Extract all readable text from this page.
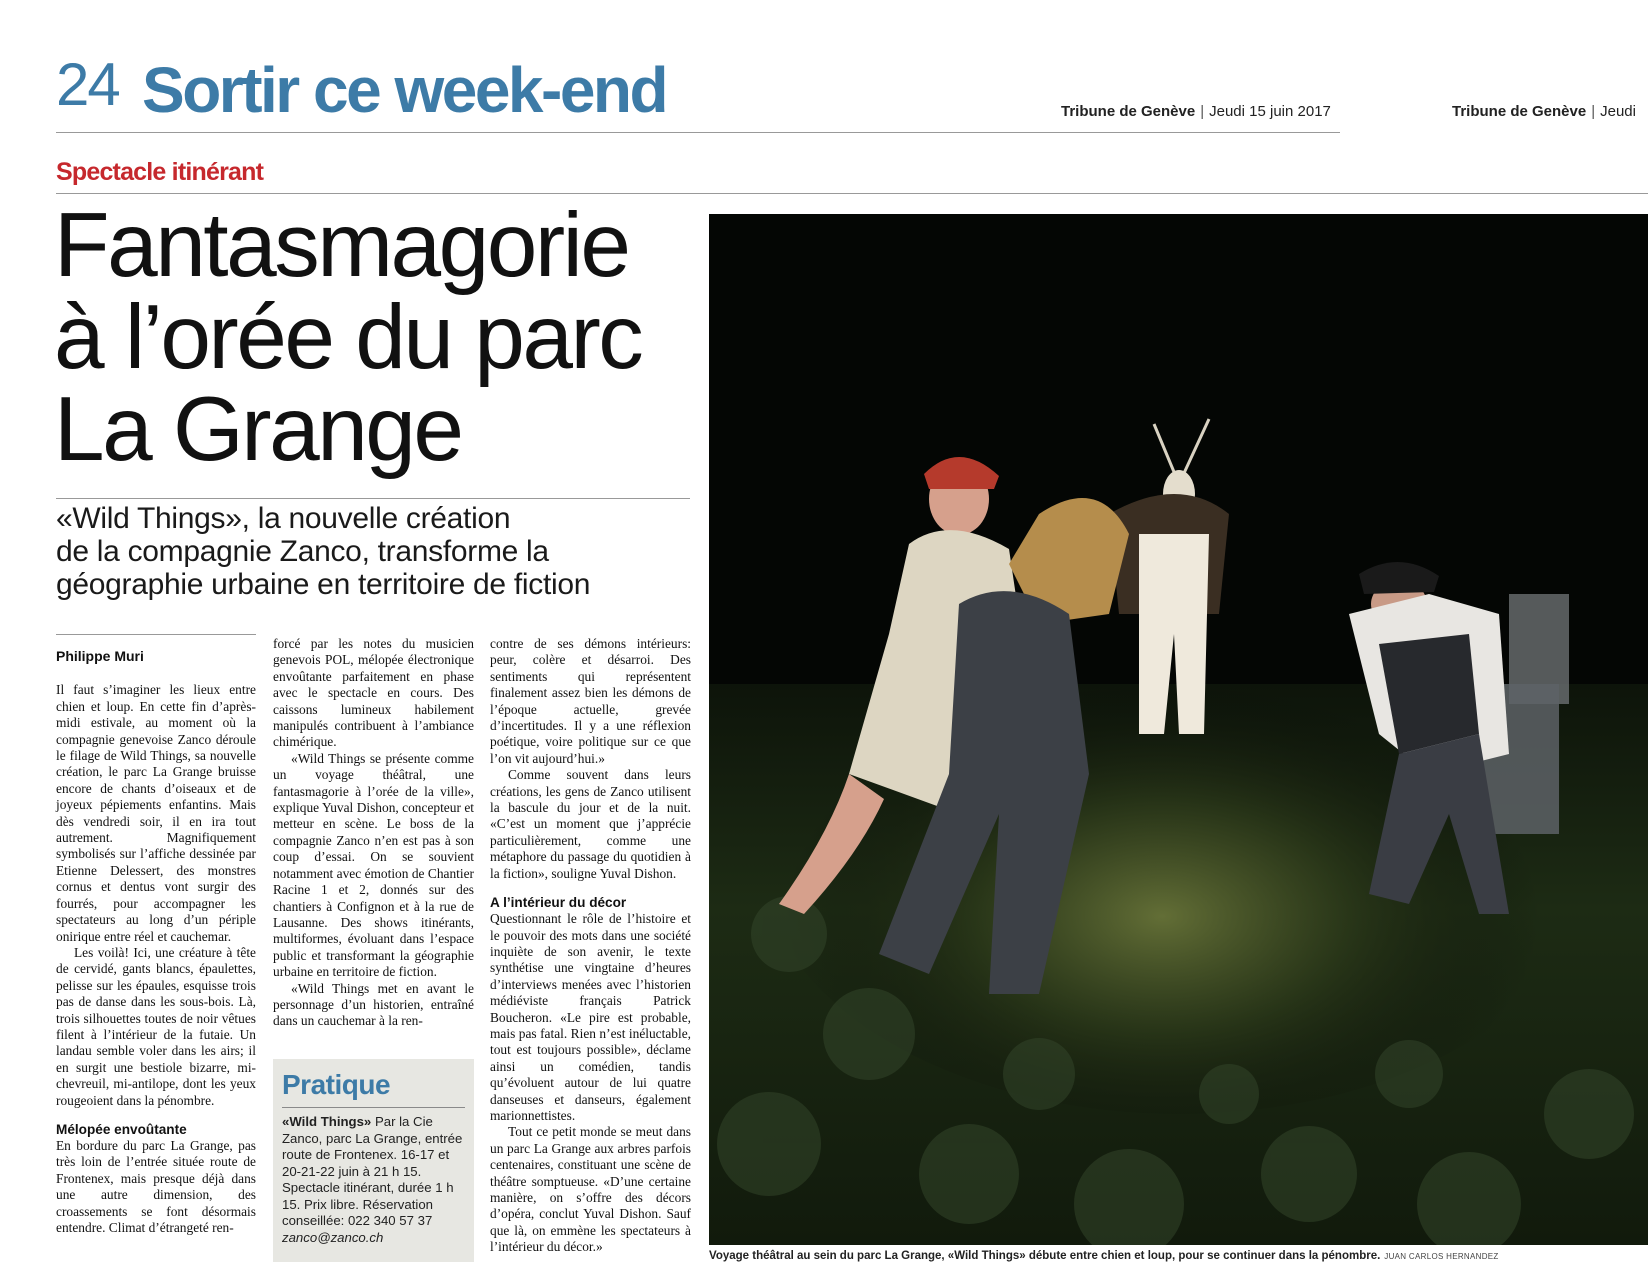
24 Sortir ce week-end	Tribune de Genève | Jeudi 15 juin 2017	Tribune de Genève | Jeudi
Spectacle itinérant
Fantasmagorie
à l’orée du parc
La Grange
«Wild Things», la nouvelle création
de la compagnie Zanco, transforme la
géographie urbaine en territoire de fiction
Philippe Muri

Il faut s’imaginer les lieux entre chien et loup. En cette fin d’après-midi estivale, au moment où la compagnie genevoise Zanco déroule le filage de Wild Things, sa nouvelle création, le parc La Grange bruisse encore de chants d’oiseaux et de joyeux pépiements enfantins. Mais dès vendredi soir, il en ira tout autrement. Magnifiquement symbolisés sur l’affiche dessinée par Etienne Delessert, des monstres cornus et dentus vont surgir des fourrés, pour accompagner les spectateurs au long d’un périple onirique entre réel et cauchemar.

Les voilà! Ici, une créature à tête de cervidé, gants blancs, épaulettes, pelisse sur les épaules, esquisse trois pas de danse dans les sous-bois. Là, trois silhouettes toutes de noir vêtues filent à l’intérieur de la futaie. Un landau semble voler dans les airs; il en surgit une bestiole bizarre, mi-chevreuil, mi-antilope, dont les yeux rougeoient dans la pénombre.

Mélopée envoûtante

En bordure du parc La Grange, pas très loin de l’entrée située route de Frontenex, mais presque déjà dans une autre dimension, des croassements se font désormais entendre. Climat d’étrangeté ren-

forcé par les notes du musicien genevois POL, mélopée électronique envoûtante parfaitement en phase avec le spectacle en cours. Des caissons lumineux habilement manipulés contribuent à l’ambiance chimérique.

«Wild Things se présente comme un voyage théâtral, une fantasmagorie à l’orée de la ville», explique Yuval Dishon, concepteur et metteur en scène. Le boss de la compagnie Zanco n’en est pas à son coup d’essai. On se souvient notamment avec émotion de Chantier Racine 1 et 2, donnés sur des chantiers à Confignon et à la rue de Lausanne. Des shows itinérants, multiformes, évoluant dans l’espace public et transformant la géographie urbaine en territoire de fiction.

«Wild Things met en avant le personnage d’un historien, entraîné dans un cauchemar à la ren-

Pratique
«Wild Things» Par la Cie Zanco, parc La Grange, entrée route de Frontenex. 16-17 et 20-21-22 juin à 21 h 15. Spectacle itinérant, durée 1 h 15. Prix libre. Réservation conseillée: 022 340 57 37
zanco@zanco.ch

contre de ses démons intérieurs: peur, colère et désarroi. Des sentiments qui représentent finalement assez bien les démons de l’époque actuelle, grevée d’incertitudes. Il y a une réflexion poétique, voire politique sur ce que l’on vit aujourd’hui.»

Comme souvent dans leurs créations, les gens de Zanco utilisent la bascule du jour et de la nuit. «C’est un moment que j’apprécie particulièrement, comme une métaphore du passage du quotidien à la fiction», souligne Yuval Dishon.

A l’intérieur du décor

Questionnant le rôle de l’histoire et le pouvoir des mots dans une société inquiète de son avenir, le texte synthétise une vingtaine d’heures d’interviews menées avec l’historien médiéviste français Patrick Boucheron. «Le pire est probable, mais pas fatal. Rien n’est inéluctable, tout est toujours possible», déclame ainsi un comédien, tandis qu’évoluent autour de lui quatre danseuses et danseurs, également marionnettistes.

Tout ce petit monde se meut dans un parc La Grange aux arbres parfois centenaires, constituant une scène de théâtre somptueuse. «D’une certaine manière, on s’offre des décors d’opéra, conclut Yuval Dishon. Sauf que là, on emmène les spectateurs à l’intérieur du décor.»

Voyage théâtral au sein du parc La Grange, «Wild Things» débute entre chien et loup, pour se continuer dans la pénombre. JUAN CARLOS HERNANDEZ
